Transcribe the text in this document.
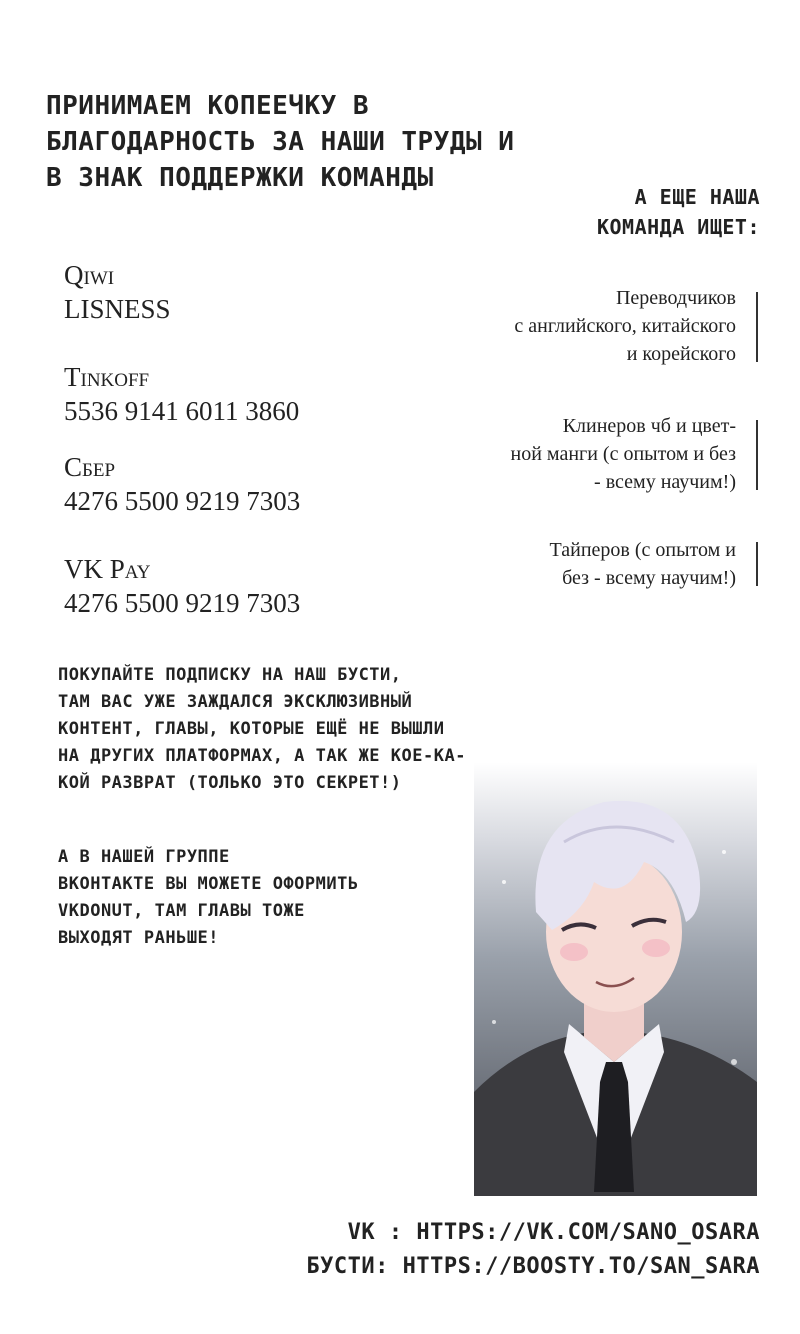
ПРИНИМАЕМ КОПЕЕЧКУ В
БЛАГОДАРНОСТЬ ЗА НАШИ ТРУДЫ И
В ЗНАК ПОДДЕРЖКИ КОМАНДЫ
А ЕЩЕ НАША
КОМАНДА ИЩЕТ:
Qiwi
LISNESS
Tinkoff
5536 9141 6011 3860
Сбер
4276 5500 9219 7303
VK Pay
4276 5500 9219 7303
Переводчиков
с английского, китайского
и корейского
Клинеров чб и цвет-
ной манги (с опытом и без
- всему научим!)
Тайперов (с опытом и
без - всему научим!)
ПОКУПАЙТЕ ПОДПИСКУ НА НАШ БУСТИ,
ТАМ ВАС УЖЕ ЗАЖДАЛСЯ ЭКСКЛЮЗИВНЫЙ
КОНТЕНТ, ГЛАВЫ, КОТОРЫЕ ЕЩЁ НЕ ВЫШЛИ
НА ДРУГИХ ПЛАТФОРМАХ, А ТАК ЖЕ КОЕ-КА-
КОЙ РАЗВРАТ (ТОЛЬКО ЭТО СЕКРЕТ!)
А В НАШЕЙ ГРУППЕ
ВКОНТАКТЕ ВЫ МОЖЕТЕ ОФОРМИТЬ
VKDONUT, ТАМ ГЛАВЫ ТОЖЕ
ВЫХОДЯТ РАНЬШЕ!
VK : HTTPS://VK.COM/SANO_OSARA
БУСТИ: HTTPS://BOOSTY.TO/SAN_SARA
